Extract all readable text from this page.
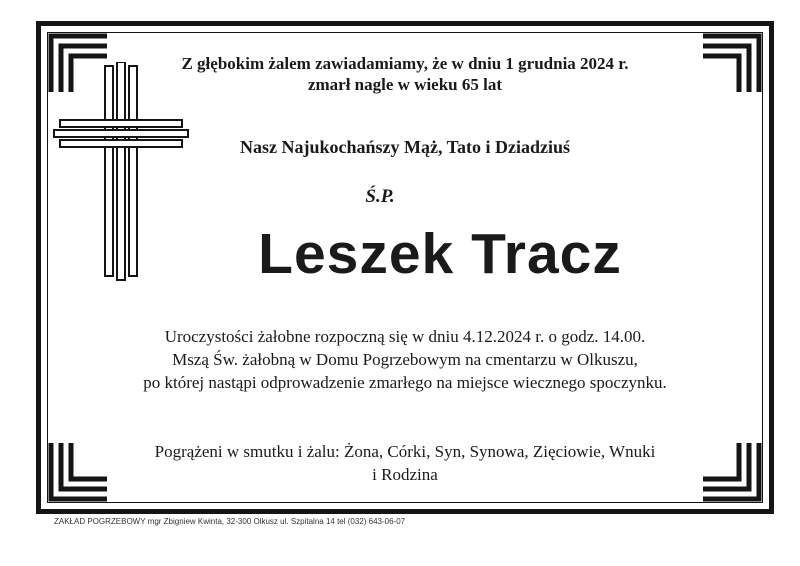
Z głębokim żalem zawiadamiamy, że w dniu 1 grudnia 2024 r.
zmarł nagle w wieku 65 lat
Nasz Najukochańszy Mąż, Tato i Dziadziuś
Ś.P.
Leszek Tracz
Uroczystości żałobne rozpoczną się w dniu 4.12.2024 r. o godz. 14.00.
Mszą Św. żałobną w Domu Pogrzebowym na cmentarzu w Olkuszu,
po której nastąpi odprowadzenie zmarłego na miejsce wiecznego spoczynku.
Pogrążeni w smutku i żalu: Żona, Córki, Syn, Synowa, Zięciowie, Wnuki
i Rodzina
ZAKŁAD POGRZEBOWY mgr Zbigniew Kwinta, 32-300 Olkusz ul. Szpitalna 14 tel (032) 643-06-07
